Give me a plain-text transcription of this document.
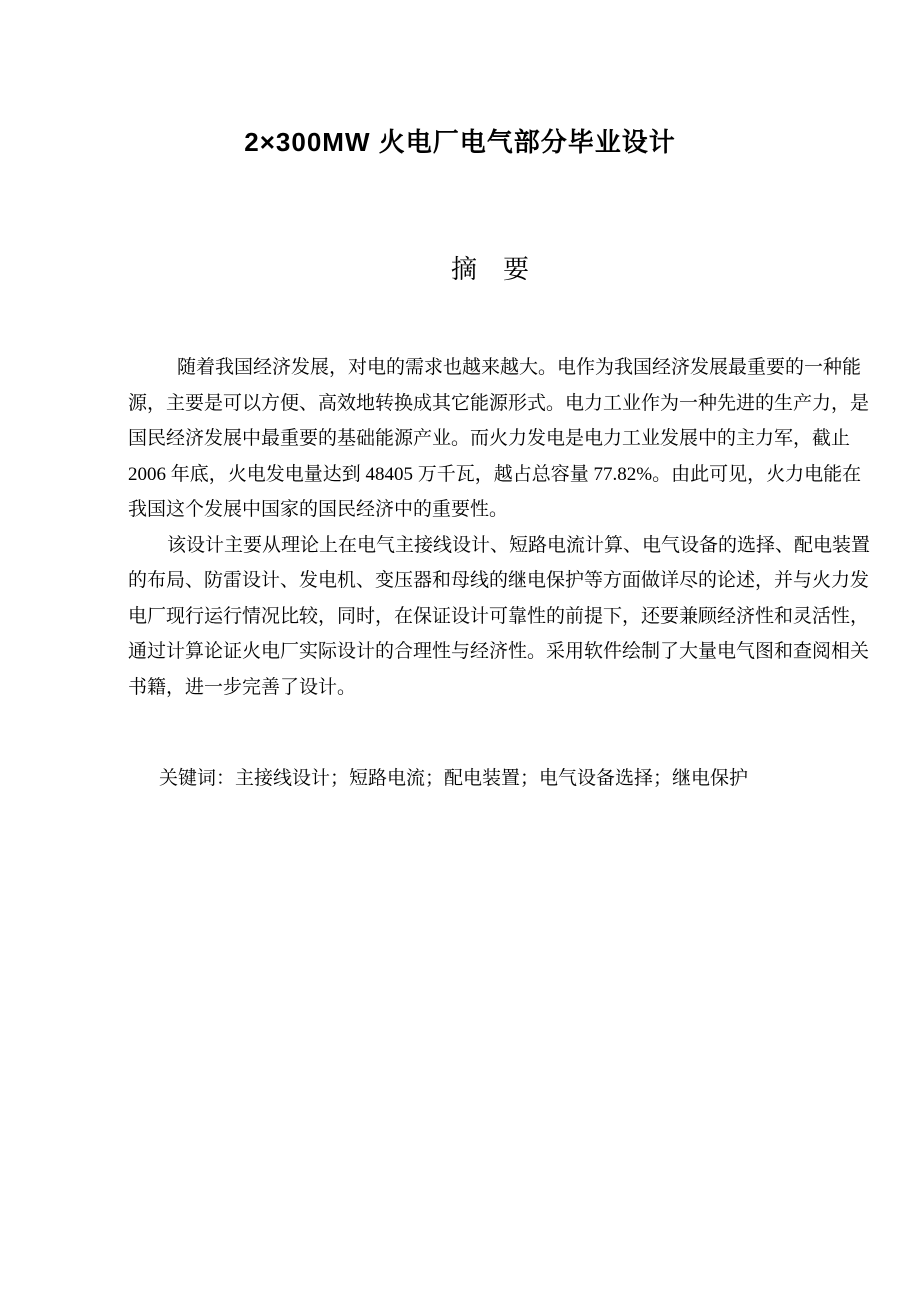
2×300MW 火电厂电气部分毕业设计
摘　要
随着我国经济发展，对电的需求也越来越大。电作为我国经济发展最重要的一种能
源，主要是可以方便、高效地转换成其它能源形式。电力工业作为一种先进的生产力，是
国民经济发展中最重要的基础能源产业。而火力发电是电力工业发展中的主力军，截止
2006 年底，火电发电量达到 48405 万千瓦，越占总容量 77.82%。由此可见，火力电能在
我国这个发展中国家的国民经济中的重要性。
该设计主要从理论上在电气主接线设计、短路电流计算、电气设备的选择、配电装置
的布局、防雷设计、发电机、变压器和母线的继电保护等方面做详尽的论述，并与火力发
电厂现行运行情况比较，同时，在保证设计可靠性的前提下，还要兼顾经济性和灵活性，
通过计算论证火电厂实际设计的合理性与经济性。采用软件绘制了大量电气图和查阅相关
书籍，进一步完善了设计。
关键词：主接线设计；短路电流；配电装置；电气设备选择；继电保护
